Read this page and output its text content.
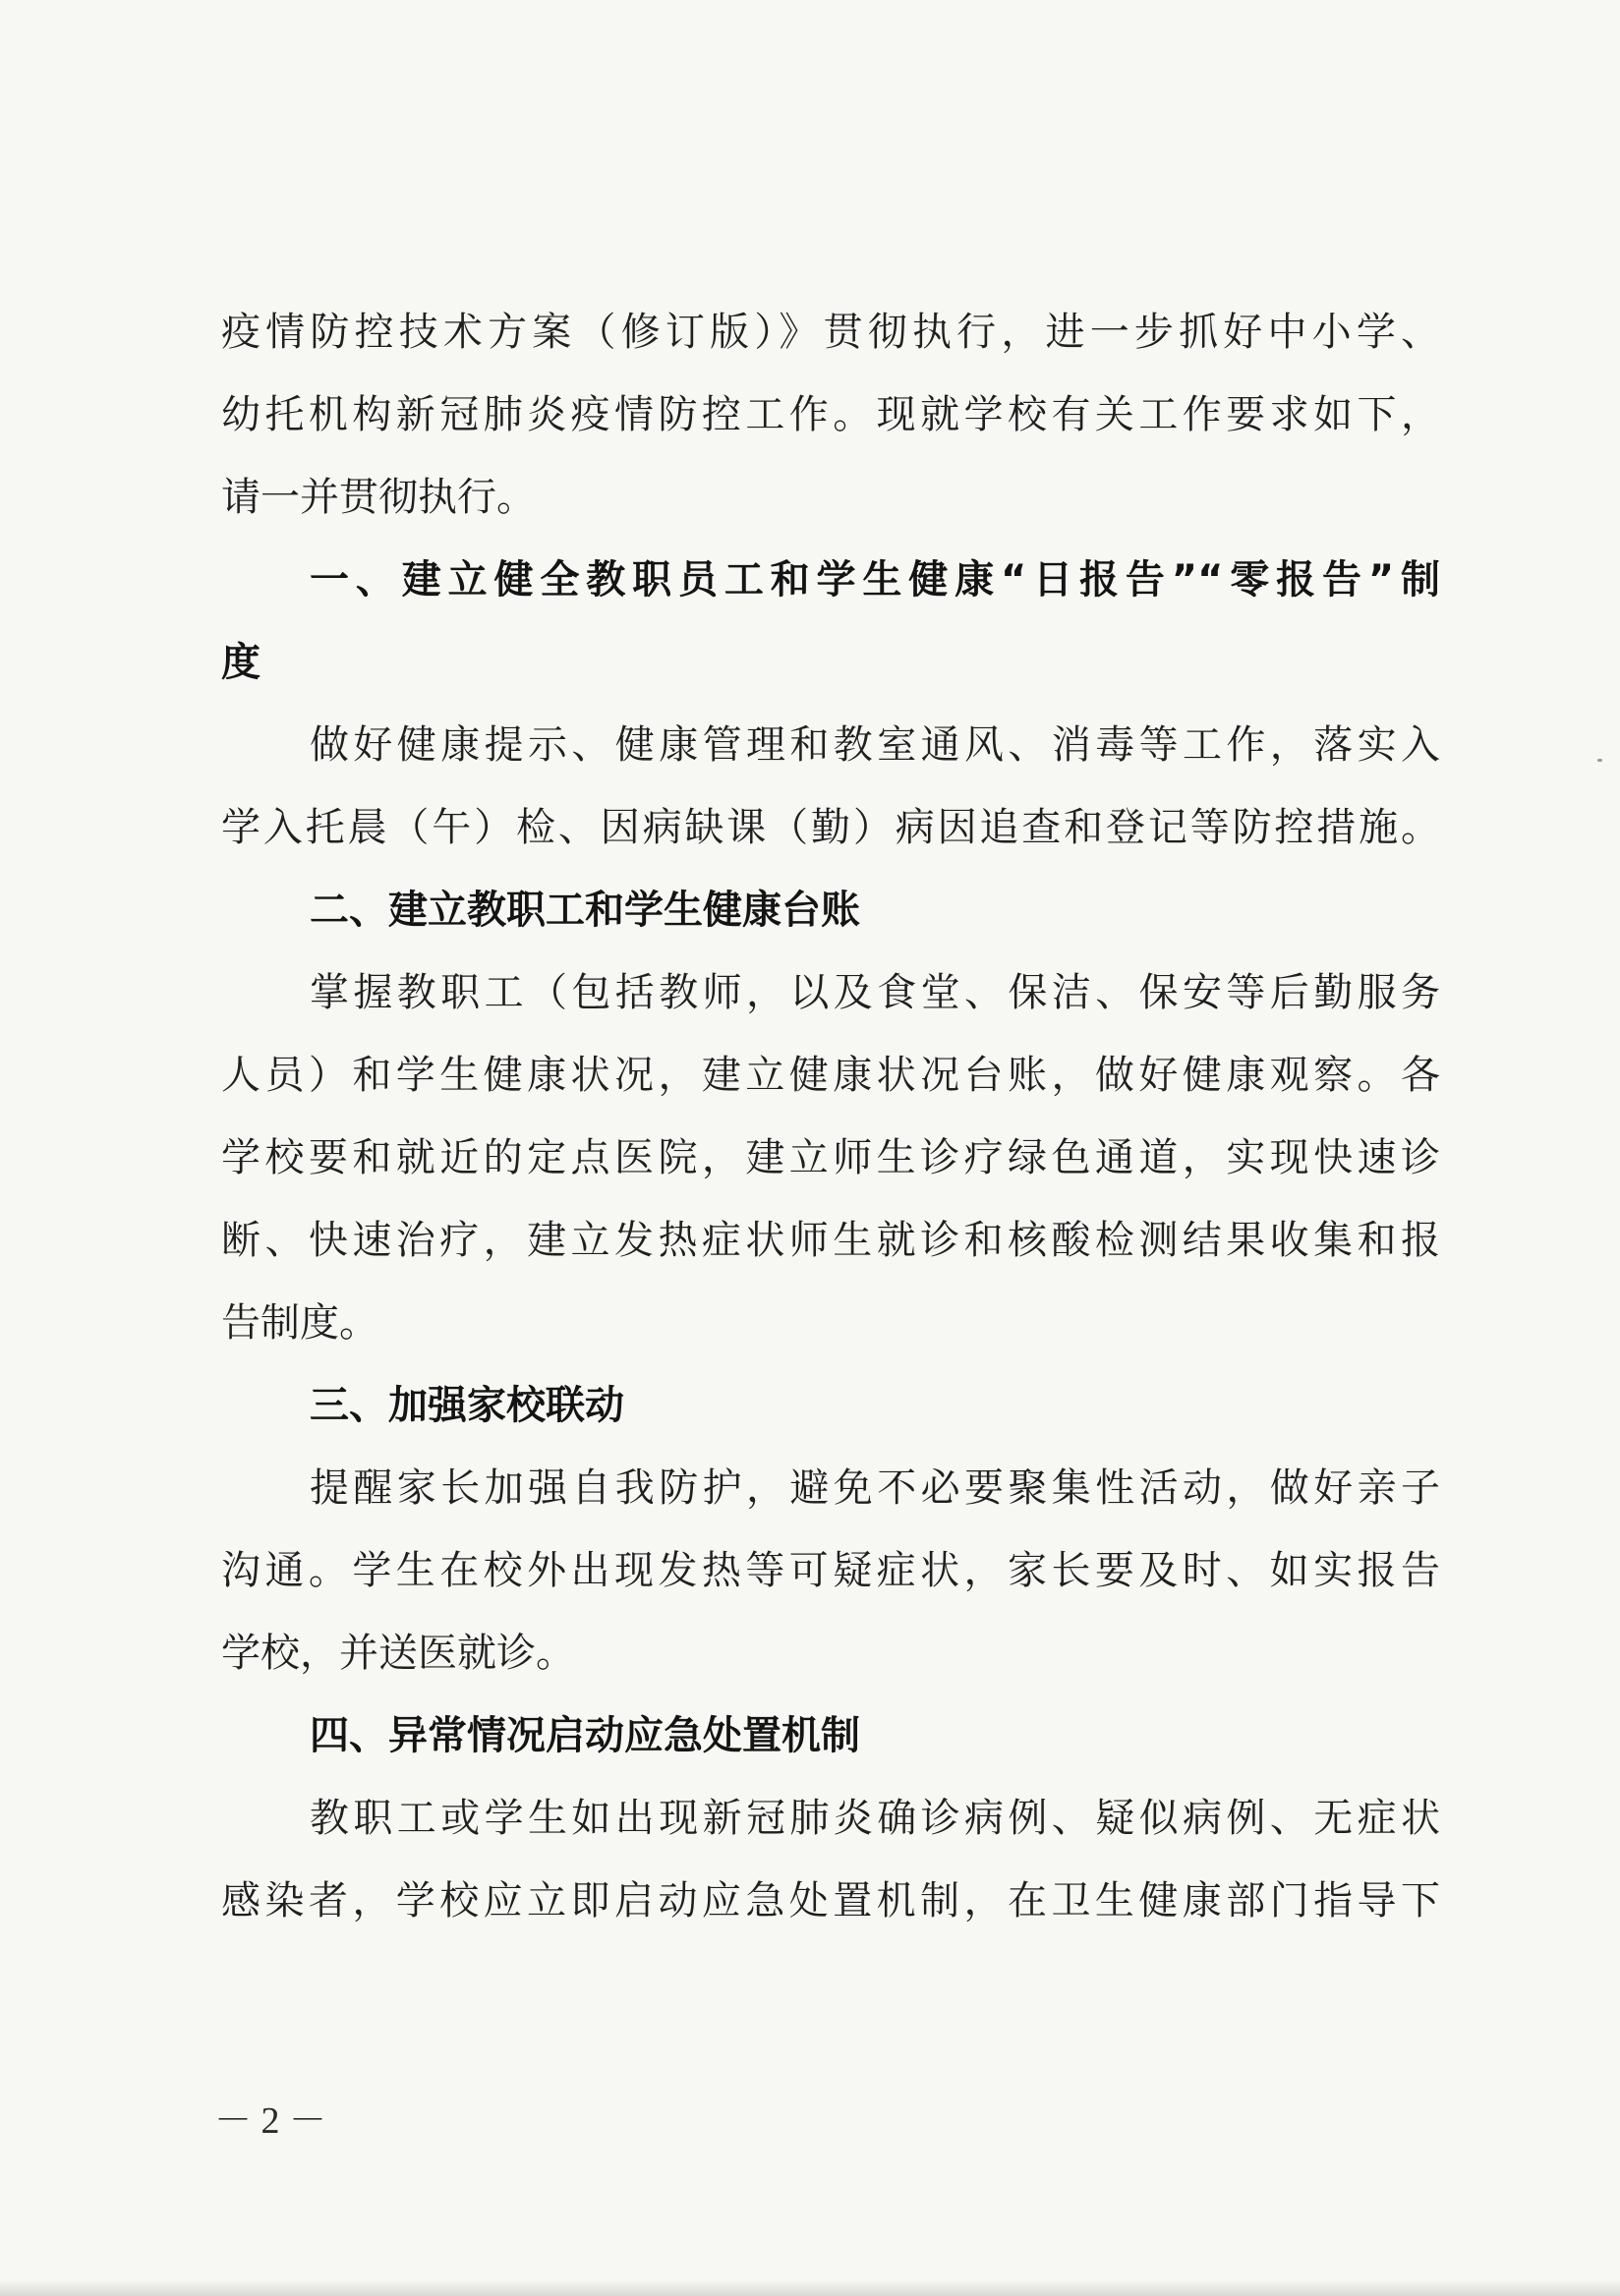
疫情防控技术方案（修订版）》贯彻执行，进一步抓好中小学、

幼托机构新冠肺炎疫情防控工作。现就学校有关工作要求如下，

请一并贯彻执行。

一、建立健全教职员工和学生健康“日报告”“零报告”制

度

做好健康提示、健康管理和教室通风、消毒等工作，落实入

学入托晨（午）检、因病缺课（勤）病因追查和登记等防控措施。

二、建立教职工和学生健康台账

掌握教职工（包括教师，以及食堂、保洁、保安等后勤服务

人员）和学生健康状况，建立健康状况台账，做好健康观察。各

学校要和就近的定点医院，建立师生诊疗绿色通道，实现快速诊

断、快速治疗，建立发热症状师生就诊和核酸检测结果收集和报

告制度。

三、加强家校联动

提醒家长加强自我防护，避免不必要聚集性活动，做好亲子

沟通。学生在校外出现发热等可疑症状，家长要及时、如实报告

学校，并送医就诊。

四、异常情况启动应急处置机制

教职工或学生如出现新冠肺炎确诊病例、疑似病例、无症状

感染者，学校应立即启动应急处置机制，在卫生健康部门指导下

－ 2 －
